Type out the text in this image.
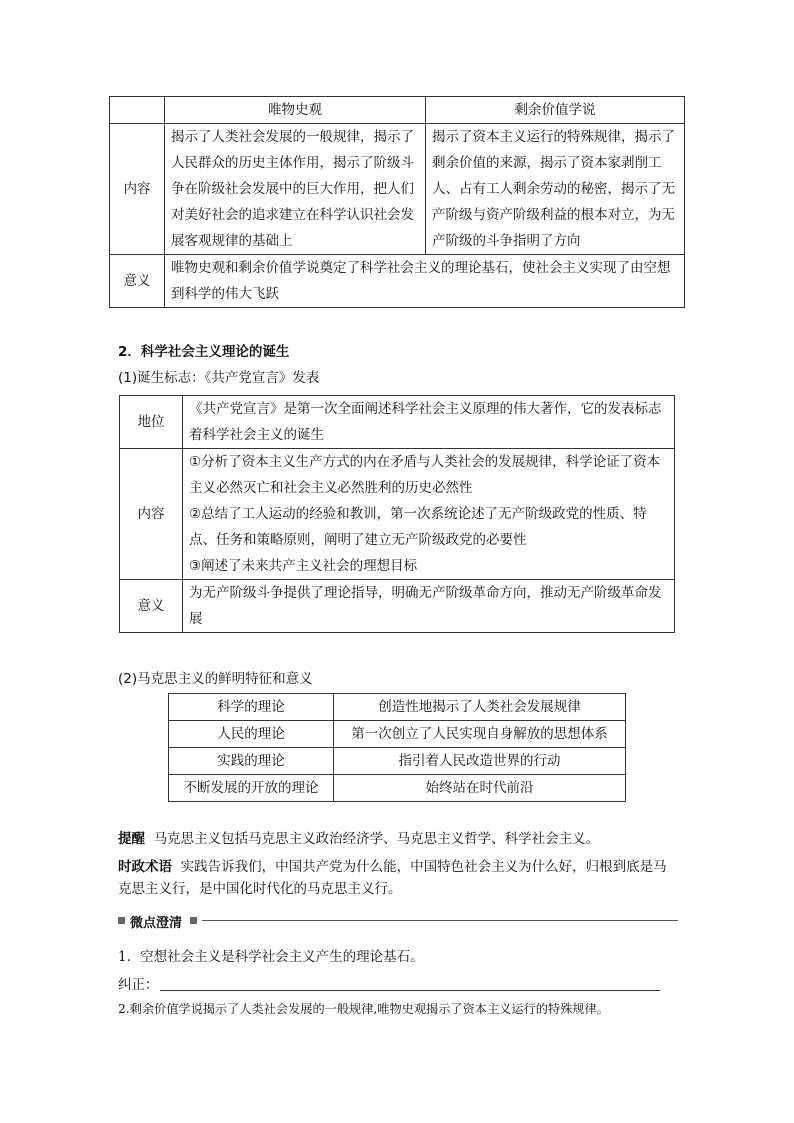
	唯物史观	剩余价值学说
内容	揭示了人类社会发展的一般规律，揭示了人民群众的历史主体作用，揭示了阶级斗争在阶级社会发展中的巨大作用，把人们对美好社会的追求建立在科学认识社会发展客观规律的基础上	揭示了资本主义运行的特殊规律，揭示了剩余价值的来源，揭示了资本家剥削工人、占有工人剩余劳动的秘密，揭示了无产阶级与资产阶级利益的根本对立，为无产阶级的斗争指明了方向
意义	唯物史观和剩余价值学说奠定了科学社会主义的理论基石，使社会主义实现了由空想到科学的伟大飞跃	
2．科学社会主义理论的诞生
(1)诞生标志：《共产党宣言》发表
地位	《共产党宣言》是第一次全面阐述科学社会主义原理的伟大著作，它的发表标志着科学社会主义的诞生
内容	①分析了资本主义生产方式的内在矛盾与人类社会的发展规律，科学论证了资本主义必然灭亡和社会主义必然胜利的历史必然性
②总结了工人运动的经验和教训，第一次系统论述了无产阶级政党的性质、特点、任务和策略原则，阐明了建立无产阶级政党的必要性
③阐述了未来共产主义社会的理想目标

意义	为无产阶级斗争提供了理论指导，明确无产阶级革命方向，推动无产阶级革命发展
(2)马克思主义的鲜明特征和意义
科学的理论	创造性地揭示了人类社会发展规律
人民的理论	第一次创立了人民实现自身解放的思想体系
实践的理论	指引着人民改造世界的行动
不断发展的开放的理论	始终站在时代前沿
提醒 马克思主义包括马克思主义政治经济学、马克思主义哲学、科学社会主义。
时政术语 实践告诉我们，中国共产党为什么能，中国特色社会主义为什么好，归根到底是马克思主义行，是中国化时代化的马克思主义行。
微点澄清
1．空想社会主义是科学社会主义产生的理论基石。
纠正：
2.剩余价值学说揭示了人类社会发展的一般规律,唯物史观揭示了资本主义运行的特殊规律。
